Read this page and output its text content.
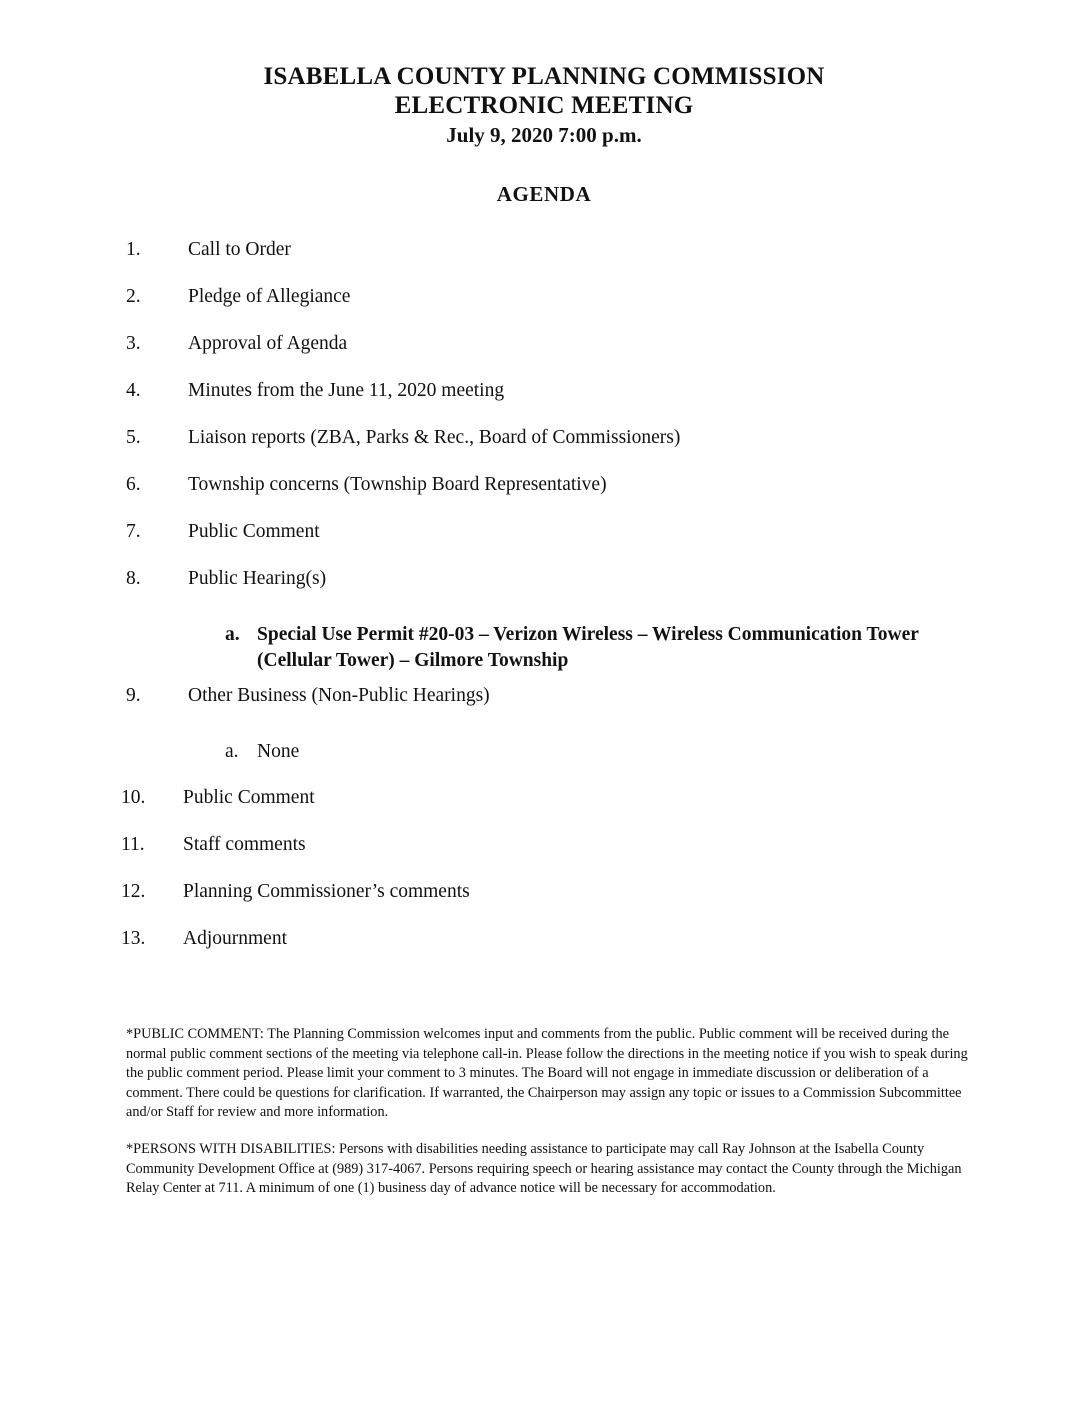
ISABELLA COUNTY PLANNING COMMISSION
ELECTRONIC MEETING
July 9, 2020 7:00 p.m.
AGENDA
1.	Call to Order
2.	Pledge of Allegiance
3.	Approval of Agenda
4.	Minutes from the June 11, 2020 meeting
5.	Liaison reports (ZBA, Parks & Rec., Board of Commissioners)
6.	Township concerns (Township Board Representative)
7.	Public Comment
8.	Public Hearing(s)
a. Special Use Permit #20-03 – Verizon Wireless – Wireless Communication Tower (Cellular Tower) – Gilmore Township
9.	Other Business (Non-Public Hearings)
a. None
10.	Public Comment
11.	Staff comments
12.	Planning Commissioner’s comments
13.	Adjournment

*PUBLIC COMMENT: The Planning Commission welcomes input and comments from the public. Public comment will be received during the normal public comment sections of the meeting via telephone call-in. Please follow the directions in the meeting notice if you wish to speak during the public comment period. Please limit your comment to 3 minutes. The Board will not engage in immediate discussion or deliberation of a comment. There could be questions for clarification. If warranted, the Chairperson may assign any topic or issues to a Commission Subcommittee and/or Staff for review and more information.

*PERSONS WITH DISABILITIES: Persons with disabilities needing assistance to participate may call Ray Johnson at the Isabella County Community Development Office at (989) 317-4067. Persons requiring speech or hearing assistance may contact the County through the Michigan Relay Center at 711. A minimum of one (1) business day of advance notice will be necessary for accommodation.
